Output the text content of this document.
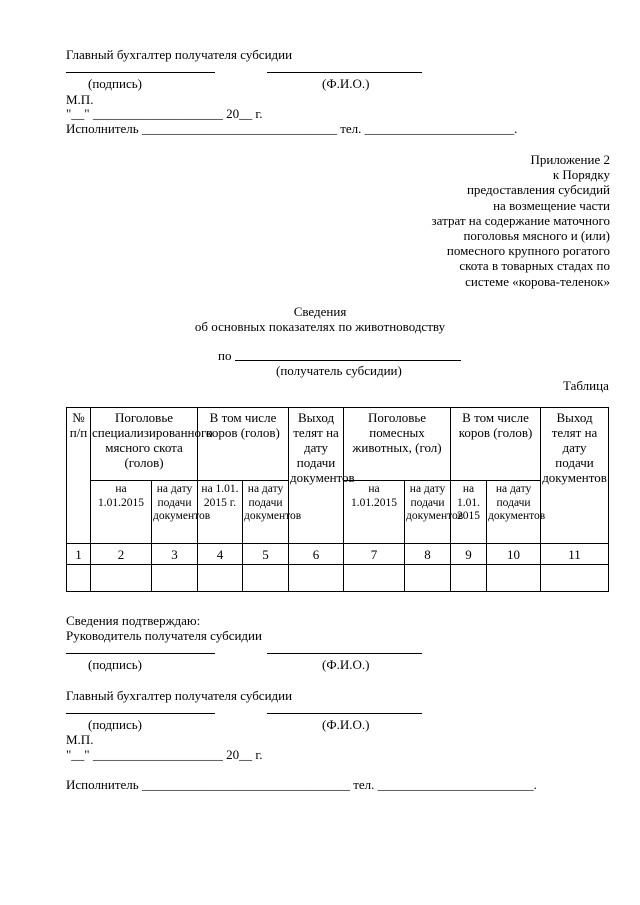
Главный бухгалтер получателя субсидии
(подпись)	(Ф.И.О.)
М.П.
"__" ____________________ 20__ г.
Исполнитель ______________________________ тел. _______________________.
Приложение 2
к Порядку
предоставления субсидий
на возмещение части
затрат на содержание маточного
поголовья мясного и (или)
помесного крупного рогатого
скота в товарных стадах по
системе «корова-теленок»
Сведения
об основных показателях по животноводству
по
(получатель субсидии)
Таблица
№ п/п	Поголовье специализированного мясного скота (голов)		В том числе коров (голов)		Выход телят на дату подачи документов	Поголовье помесных животных, (гол)		В том числе коров (голов)		Выход телят на дату подачи документов
	на 1.01.2015	на дату подачи документов	на 1.01. 2015 г.	на дату подачи документов		на 1.01.2015	на дату подачи документов	на 1.01. 2015	на дату подачи документов	
1	2	3	4	5	6	7	8	9	10	11

Сведения подтверждаю:
Руководитель получателя субсидии
(подпись)	(Ф.И.О.)
Главный бухгалтер получателя субсидии
(подпись)	(Ф.И.О.)
М.П.
"__" ____________________ 20__ г.
Исполнитель ________________________________ тел. ________________________.
